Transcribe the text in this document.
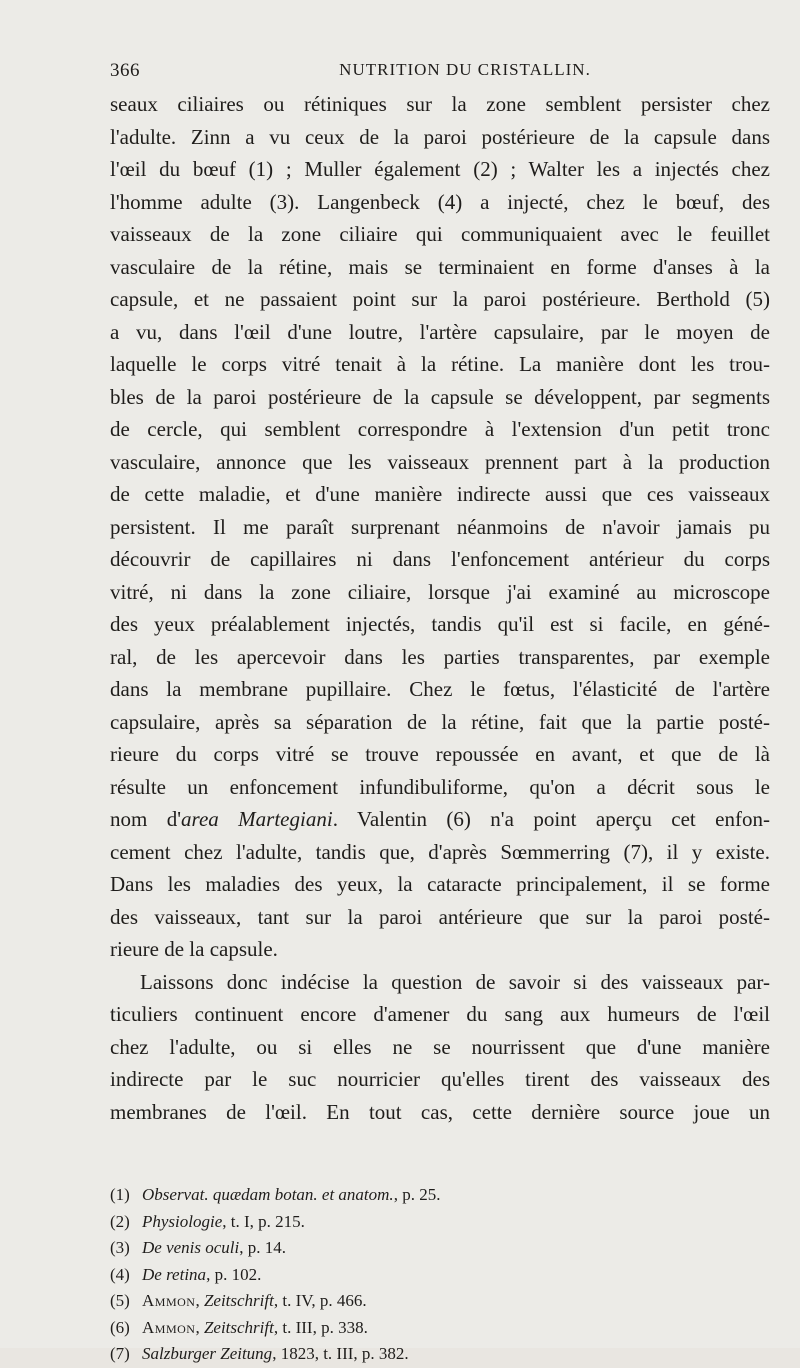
366	NUTRITION DU CRISTALLIN.

seaux ciliaires ou rétiniques sur la zone semblent persister chez
l'adulte. Zinn a vu ceux de la paroi postérieure de la capsule dans
l'œil du bœuf (1) ; Muller également (2) ; Walter les a injectés chez
l'homme adulte (3). Langenbeck (4) a injecté, chez le bœuf, des
vaisseaux de la zone ciliaire qui communiquaient avec le feuillet
vasculaire de la rétine, mais se terminaient en forme d'anses à la
capsule, et ne passaient point sur la paroi postérieure. Berthold (5)
a vu, dans l'œil d'une loutre, l'artère capsulaire, par le moyen de
laquelle le corps vitré tenait à la rétine. La manière dont les trou-
bles de la paroi postérieure de la capsule se développent, par segments
de cercle, qui semblent correspondre à l'extension d'un petit tronc
vasculaire, annonce que les vaisseaux prennent part à la production
de cette maladie, et d'une manière indirecte aussi que ces vaisseaux
persistent. Il me paraît surprenant néanmoins de n'avoir jamais pu
découvrir de capillaires ni dans l'enfoncement antérieur du corps
vitré, ni dans la zone ciliaire, lorsque j'ai examiné au microscope
des yeux préalablement injectés, tandis qu'il est si facile, en géné-
ral, de les apercevoir dans les parties transparentes, par exemple
dans la membrane pupillaire. Chez le fœtus, l'élasticité de l'artère
capsulaire, après sa séparation de la rétine, fait que la partie posté-
rieure du corps vitré se trouve repoussée en avant, et que de là
résulte un enfoncement infundibuliforme, qu'on a décrit sous le
nom d'area Martegiani. Valentin (6) n'a point aperçu cet enfon-
cement chez l'adulte, tandis que, d'après Sœmmerring (7), il y existe.
Dans les maladies des yeux, la cataracte principalement, il se forme
des vaisseaux, tant sur la paroi antérieure que sur la paroi posté-
rieure de la capsule.

Laissons donc indécise la question de savoir si des vaisseaux par-
ticuliers continuent encore d'amener du sang aux humeurs de l'œil
chez l'adulte, ou si elles ne se nourrissent que d'une manière
indirecte par le suc nourricier qu'elles tirent des vaisseaux des
membranes de l'œil. En tout cas, cette dernière source joue un

(1) Observat. quædam botan. et anatom., p. 25.
(2) Physiologie, t. I, p. 215.
(3) De venis oculi, p. 14.
(4) De retina, p. 102.
(5) Ammon, Zeitschrift, t. IV, p. 466.
(6) Ammon, Zeitschrift, t. III, p. 338.
(7) Salzburger Zeitung, 1823, t. III, p. 382.
